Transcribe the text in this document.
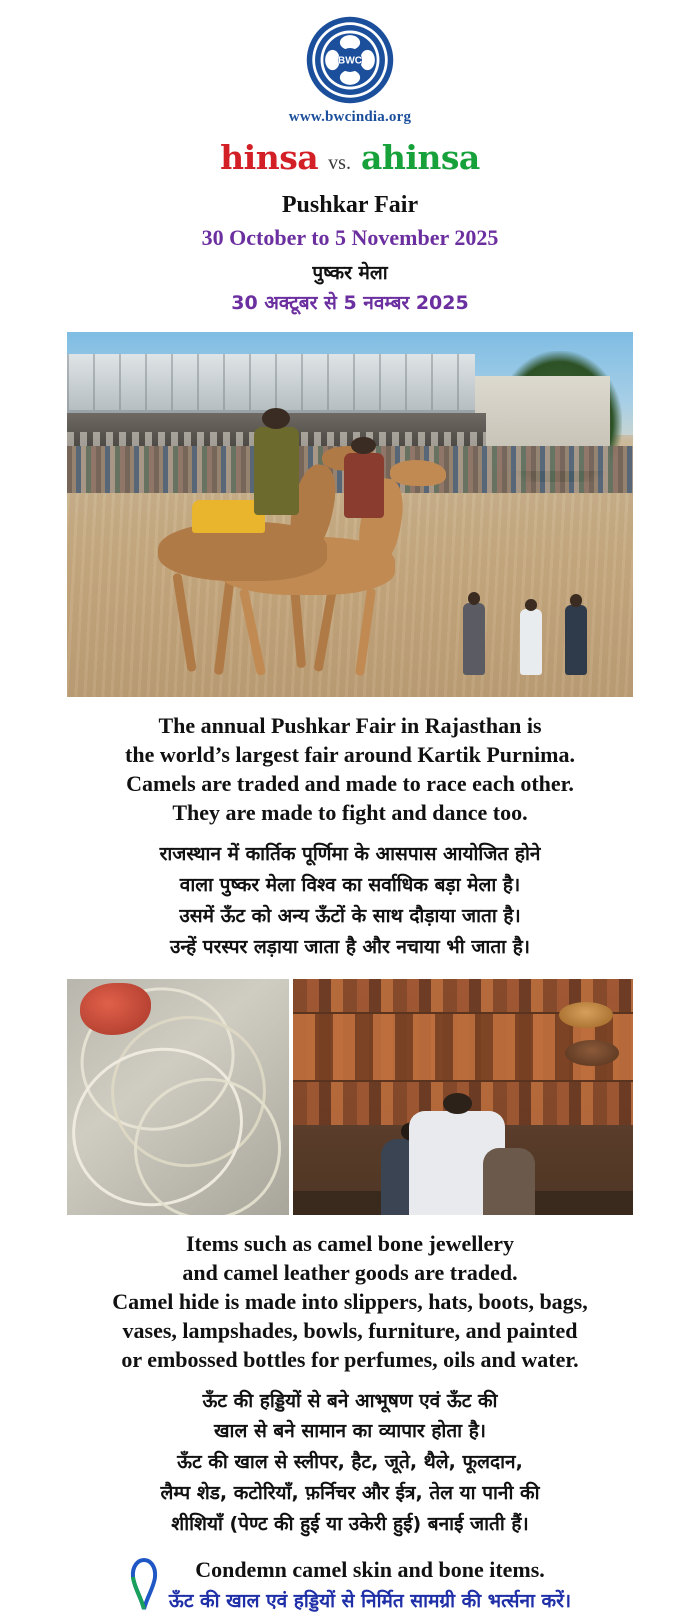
BWC
www.bwcindia.org
hinsa vs. ahinsa
Pushkar Fair
30 October to 5 November 2025
पुष्कर मेला
30 अक्टूबर से 5 नवम्बर 2025
The annual Pushkar Fair in Rajasthan is
the world’s largest fair around Kartik Purnima.
Camels are traded and made to race each other.
They are made to fight and dance too.
राजस्थान में कार्तिक पूर्णिमा के आसपास आयोजित होने
वाला पुष्कर मेला विश्व का सर्वाधिक बड़ा मेला है।
उसमें ऊँट को अन्य ऊँटों के साथ दौड़ाया जाता है।
उन्हें परस्पर लड़ाया जाता है और नचाया भी जाता है।
Items such as camel bone jewellery
and camel leather goods are traded.
Camel hide is made into slippers, hats, boots, bags,
vases, lampshades, bowls, furniture, and painted
or embossed bottles for perfumes, oils and water.
ऊँट की हड्डियों से बने आभूषण एवं ऊँट की
खाल से बने सामान का व्यापार होता है।
ऊँट की खाल से स्लीपर, हैट, जूते, थैले, फूलदान,
लैम्प शेड, कटोरियाँ, फ़र्निचर और ईत्र, तेल या पानी की
शीशियाँ (पेण्ट की हुई या उकेरी हुई) बनाई जाती हैं।
Condemn camel skin and bone items.
ऊँट की खाल एवं हड्डियों से निर्मित सामग्री की भर्त्सना करें।
